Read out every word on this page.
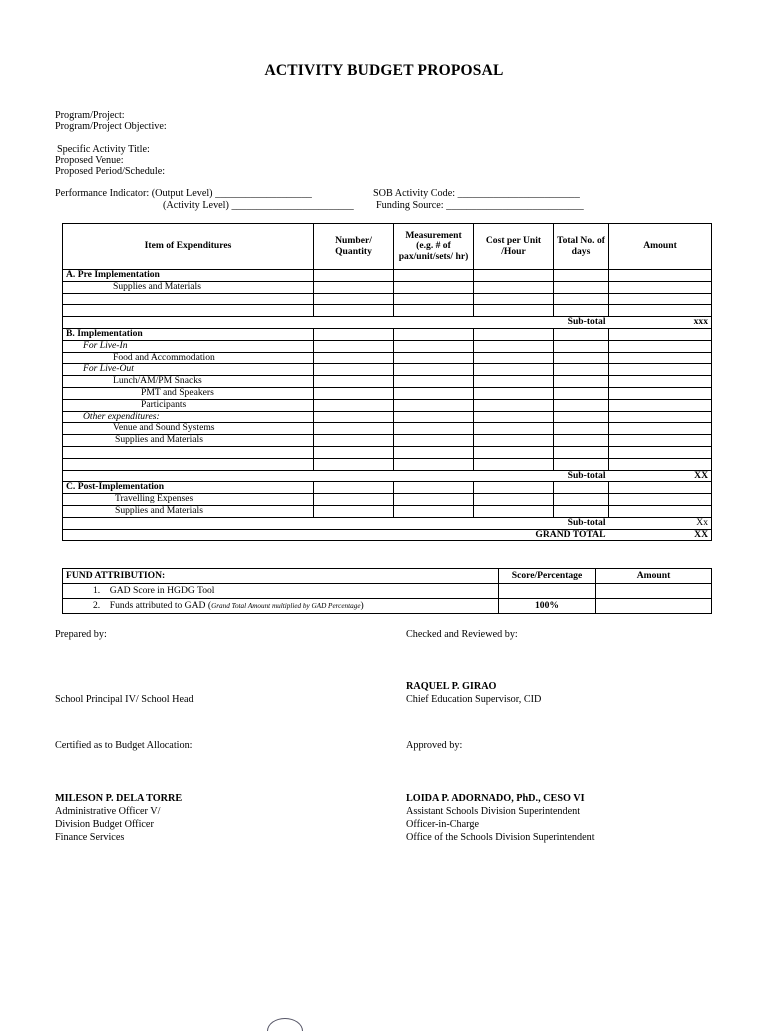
ACTIVITY BUDGET PROPOSAL
Program/Project:
Program/Project Objective:
Specific Activity Title:
Proposed Venue:
Proposed Period/Schedule:
Performance Indicator: (Output Level) ___________________	SOB Activity Code: ________________________
(Activity Level) ________________________ Funding Source: ___________________________
Item of Expenditures	Number/ Quantity	Measurement (e.g. # of pax/unit/sets/ hr)	Cost per Unit /Hour	Total No. of days	Amount
A. Pre Implementation					
Supplies and Materials					

				Sub-total	xxx
B. Implementation					
For Live-In					
Food and Accommodation					
For Live-Out					
Lunch/AM/PM Snacks					
PMT and Speakers					
Participants					
Other expenditures:					
Venue and Sound Systems					
Supplies and Materials					

				Sub-total	XX
C. Post-Implementation					
Travelling Expenses					
Supplies and Materials					
				Sub-total	Xx
			GRAND TOTAL		XX
FUND ATTRIBUTION:	Score/Percentage	Amount
1. GAD Score in HGDG Tool		
2. Funds attributed to GAD (Grand Total Amount multiplied by GAD Percentage)	100%	
Prepared by:	Checked and Reviewed by:
RAQUEL P. GIRAO
School Principal IV/ School Head	Chief Education Supervisor, CID
Certified as to Budget Allocation:	Approved by:
MILESON P. DELA TORRE
Administrative Officer V/
Division Budget Officer
Finance Services
LOIDA P. ADORNADO, PhD., CESO VI
Assistant Schools Division Superintendent
Officer-in-Charge
Office of the Schools Division Superintendent
